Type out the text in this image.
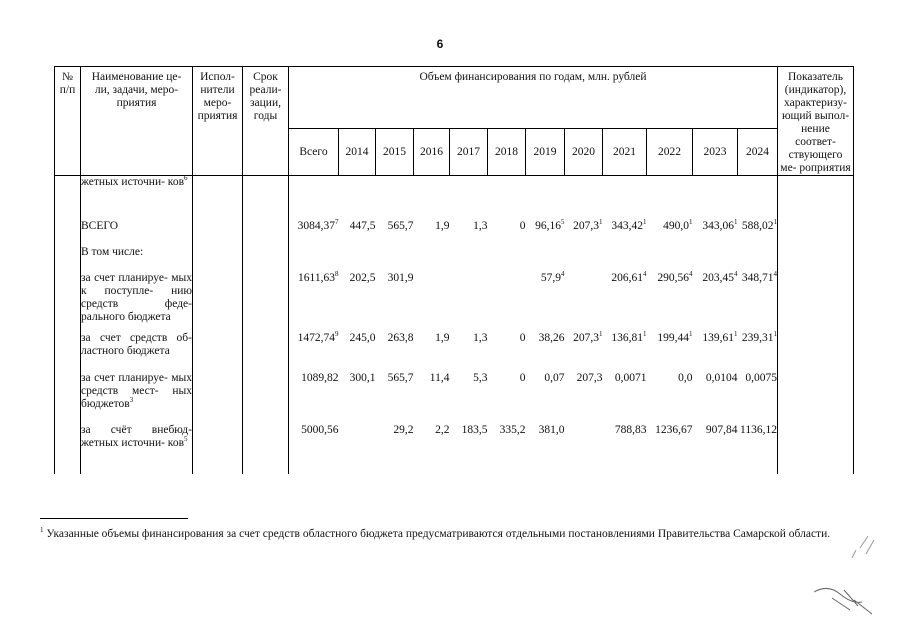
6
№ п/п	Наименование це- ли, задачи, меро- приятия	Испол- нители меро- приятия	Срок реали- зации, годы	Объем финансирования по годам, млн. рублей												Показатель (индикатор), характеризу- ющий выпол- нение соответ- ствующего ме- роприятия
				Всего	2014	2015	2016	2017	2018	2019	2020	2021	2022	2023	2024	
	жетных источни- ков$^6$															
	ВСЕГО			3084,37$^7$	447,5	565,7	1,9	1,3	0	96,16$^5$	207,3$^1$	343,42$^1$	490,0$^1$	343,06$^1$	588,02$^1$	
	В том числе:															
	за счет планируе- мых к поступле- нию средств феде- рального бюджета			1611,63$^8$	202,5	301,9				57,9$^4$		206,61$^4$	290,56$^4$	203,45$^4$	348,71$^4$	
	за счет средств об- ластного бюджета			1472,74$^9$	245,0	263,8	1,9	1,3	0	38,26	207,3$^1$	136,81$^1$	199,44$^1$	139,61$^1$	239,31$^1$	
	за счет планируе- мых средств мест- ных бюджетов$^3$			1089,82	300,1	565,7	11,4	5,3	0	0,07	207,3	0,0071	0,0	0,0104	0,0075	
	за счёт внебюд- жетных источни- ков$^5$			5000,56		29,2	2,2	183,5	335,2	381,0		788,83	1236,67	907,84	1136,12	
$^1$ Указанные объемы финансирования за счет средств областного бюджета предусматриваются отдельными постановлениями Правительства Самарской области.
